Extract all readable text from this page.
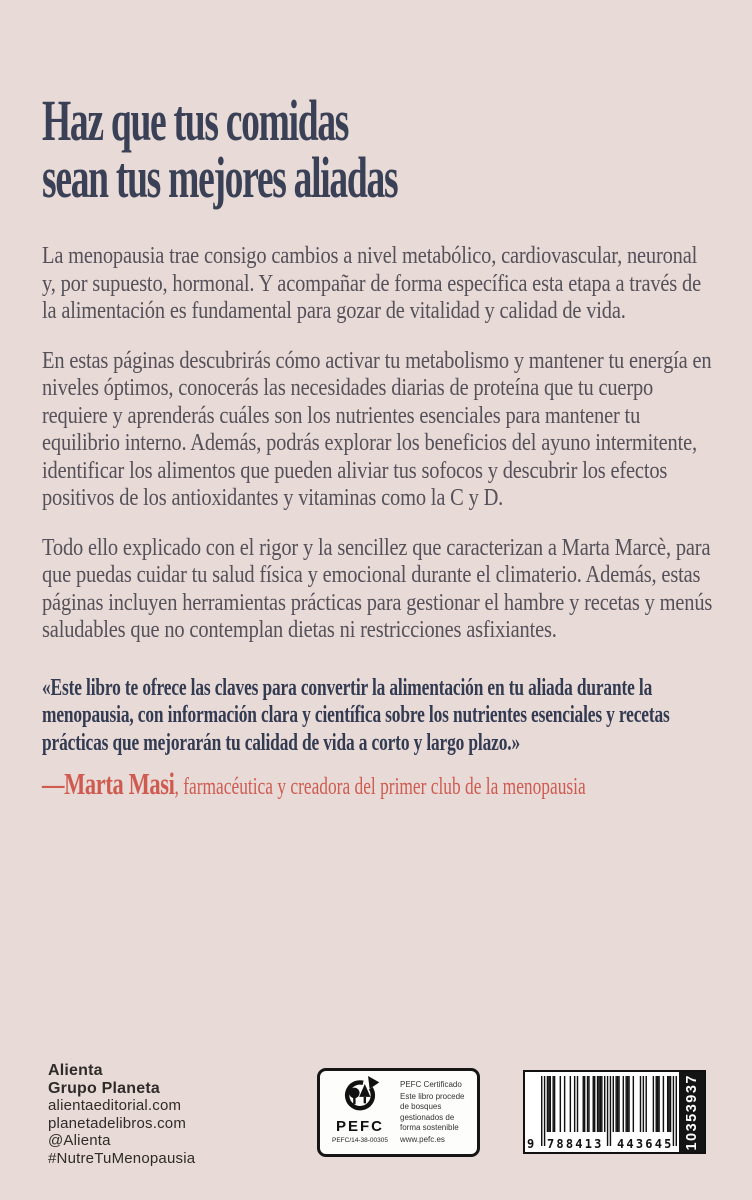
Haz que tus comidas
sean tus mejores aliadas

La menopausia trae consigo cambios a nivel metabólico, cardiovascular, neuronal y, por supuesto, hormonal. Y acompañar de forma específica esta etapa a través de la alimentación es fundamental para gozar de vitalidad y calidad de vida.

En estas páginas descubrirás cómo activar tu metabolismo y mantener tu energía en niveles óptimos, conocerás las necesidades diarias de proteína que tu cuerpo requiere y aprenderás cuáles son los nutrientes esenciales para mantener tu equilibrio interno. Además, podrás explorar los beneficios del ayuno intermitente, identificar los alimentos que pueden aliviar tus sofocos y descubrir los efectos positivos de los antioxidantes y vitaminas como la C y D.

Todo ello explicado con el rigor y la sencillez que caracterizan a Marta Marcè, para que puedas cuidar tu salud física y emocional durante el climaterio. Además, estas páginas incluyen herramientas prácticas para gestionar el hambre y recetas y menús saludables que no contemplan dietas ni restricciones asfixiantes.

«Este libro te ofrece las claves para convertir la alimentación en tu aliada durante la menopausia, con información clara y científica sobre los nutrientes esenciales y recetas prácticas que mejorarán tu calidad de vida a corto y largo plazo.»

—Marta Masi, farmacéutica y creadora del primer club de la menopausia

Alienta
Grupo Planeta
alientaeditorial.com
planetadelibros.com
@Alienta
#NutreTuMenopausia
PEFC
PEFC/14-38-00305
PEFC Certificado
Este libro procede de bosques gestionados de forma sostenible
www.pefc.es	9 788413 443645 10353937
